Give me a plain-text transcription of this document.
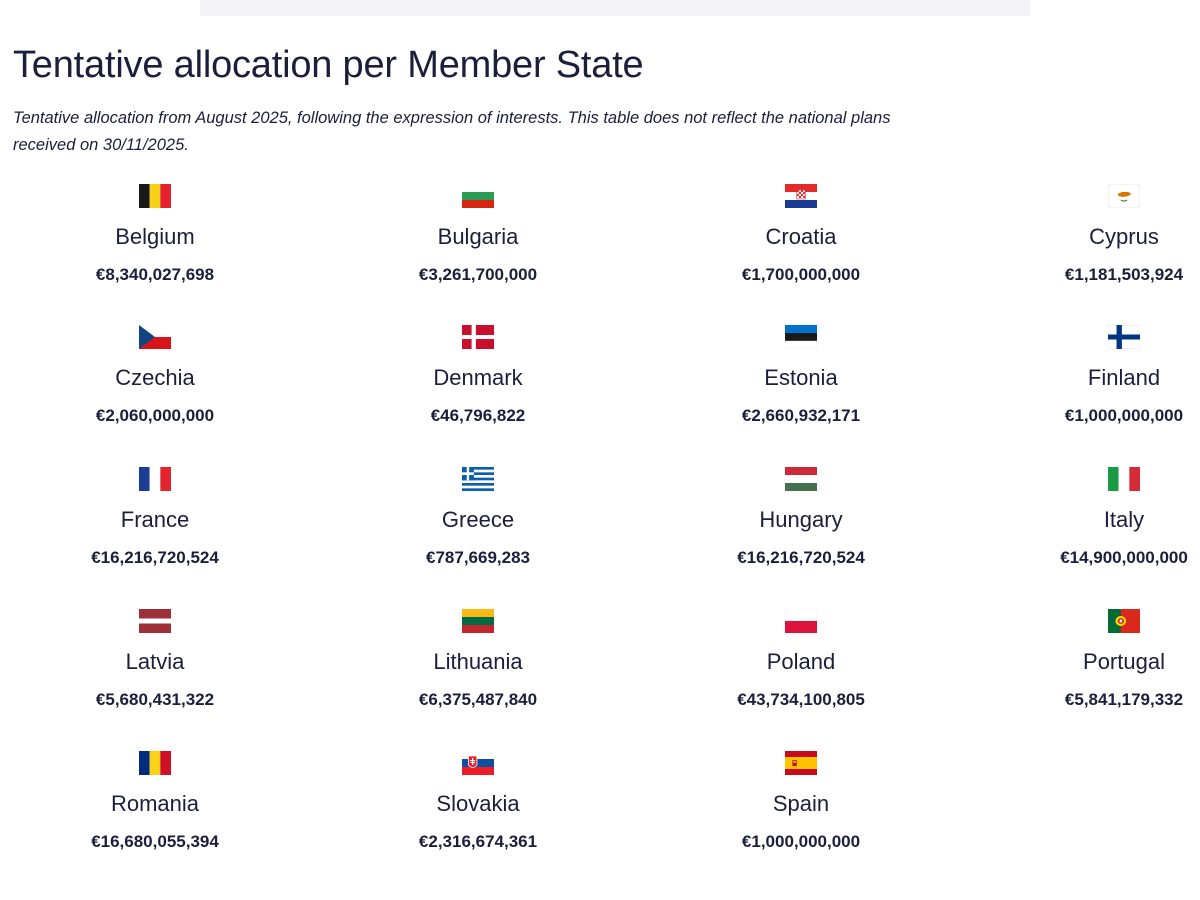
Tentative allocation per Member State

Tentative allocation from August 2025, following the expression of interests. This table does not reflect the national plans received on 30/11/2025.

Belgium
€8,340,027,698
Bulgaria
€3,261,700,000
Croatia
€1,700,000,000
Cyprus
€1,181,503,924
Czechia
€2,060,000,000
Denmark
€46,796,822
Estonia
€2,660,932,171
Finland
€1,000,000,000
France
€16,216,720,524
Greece
€787,669,283
Hungary
€16,216,720,524
Italy
€14,900,000,000
Latvia
€5,680,431,322
Lithuania
€6,375,487,840
Poland
€43,734,100,805
Portugal
€5,841,179,332
Romania
€16,680,055,394
Slovakia
€2,316,674,361
Spain
€1,000,000,000
